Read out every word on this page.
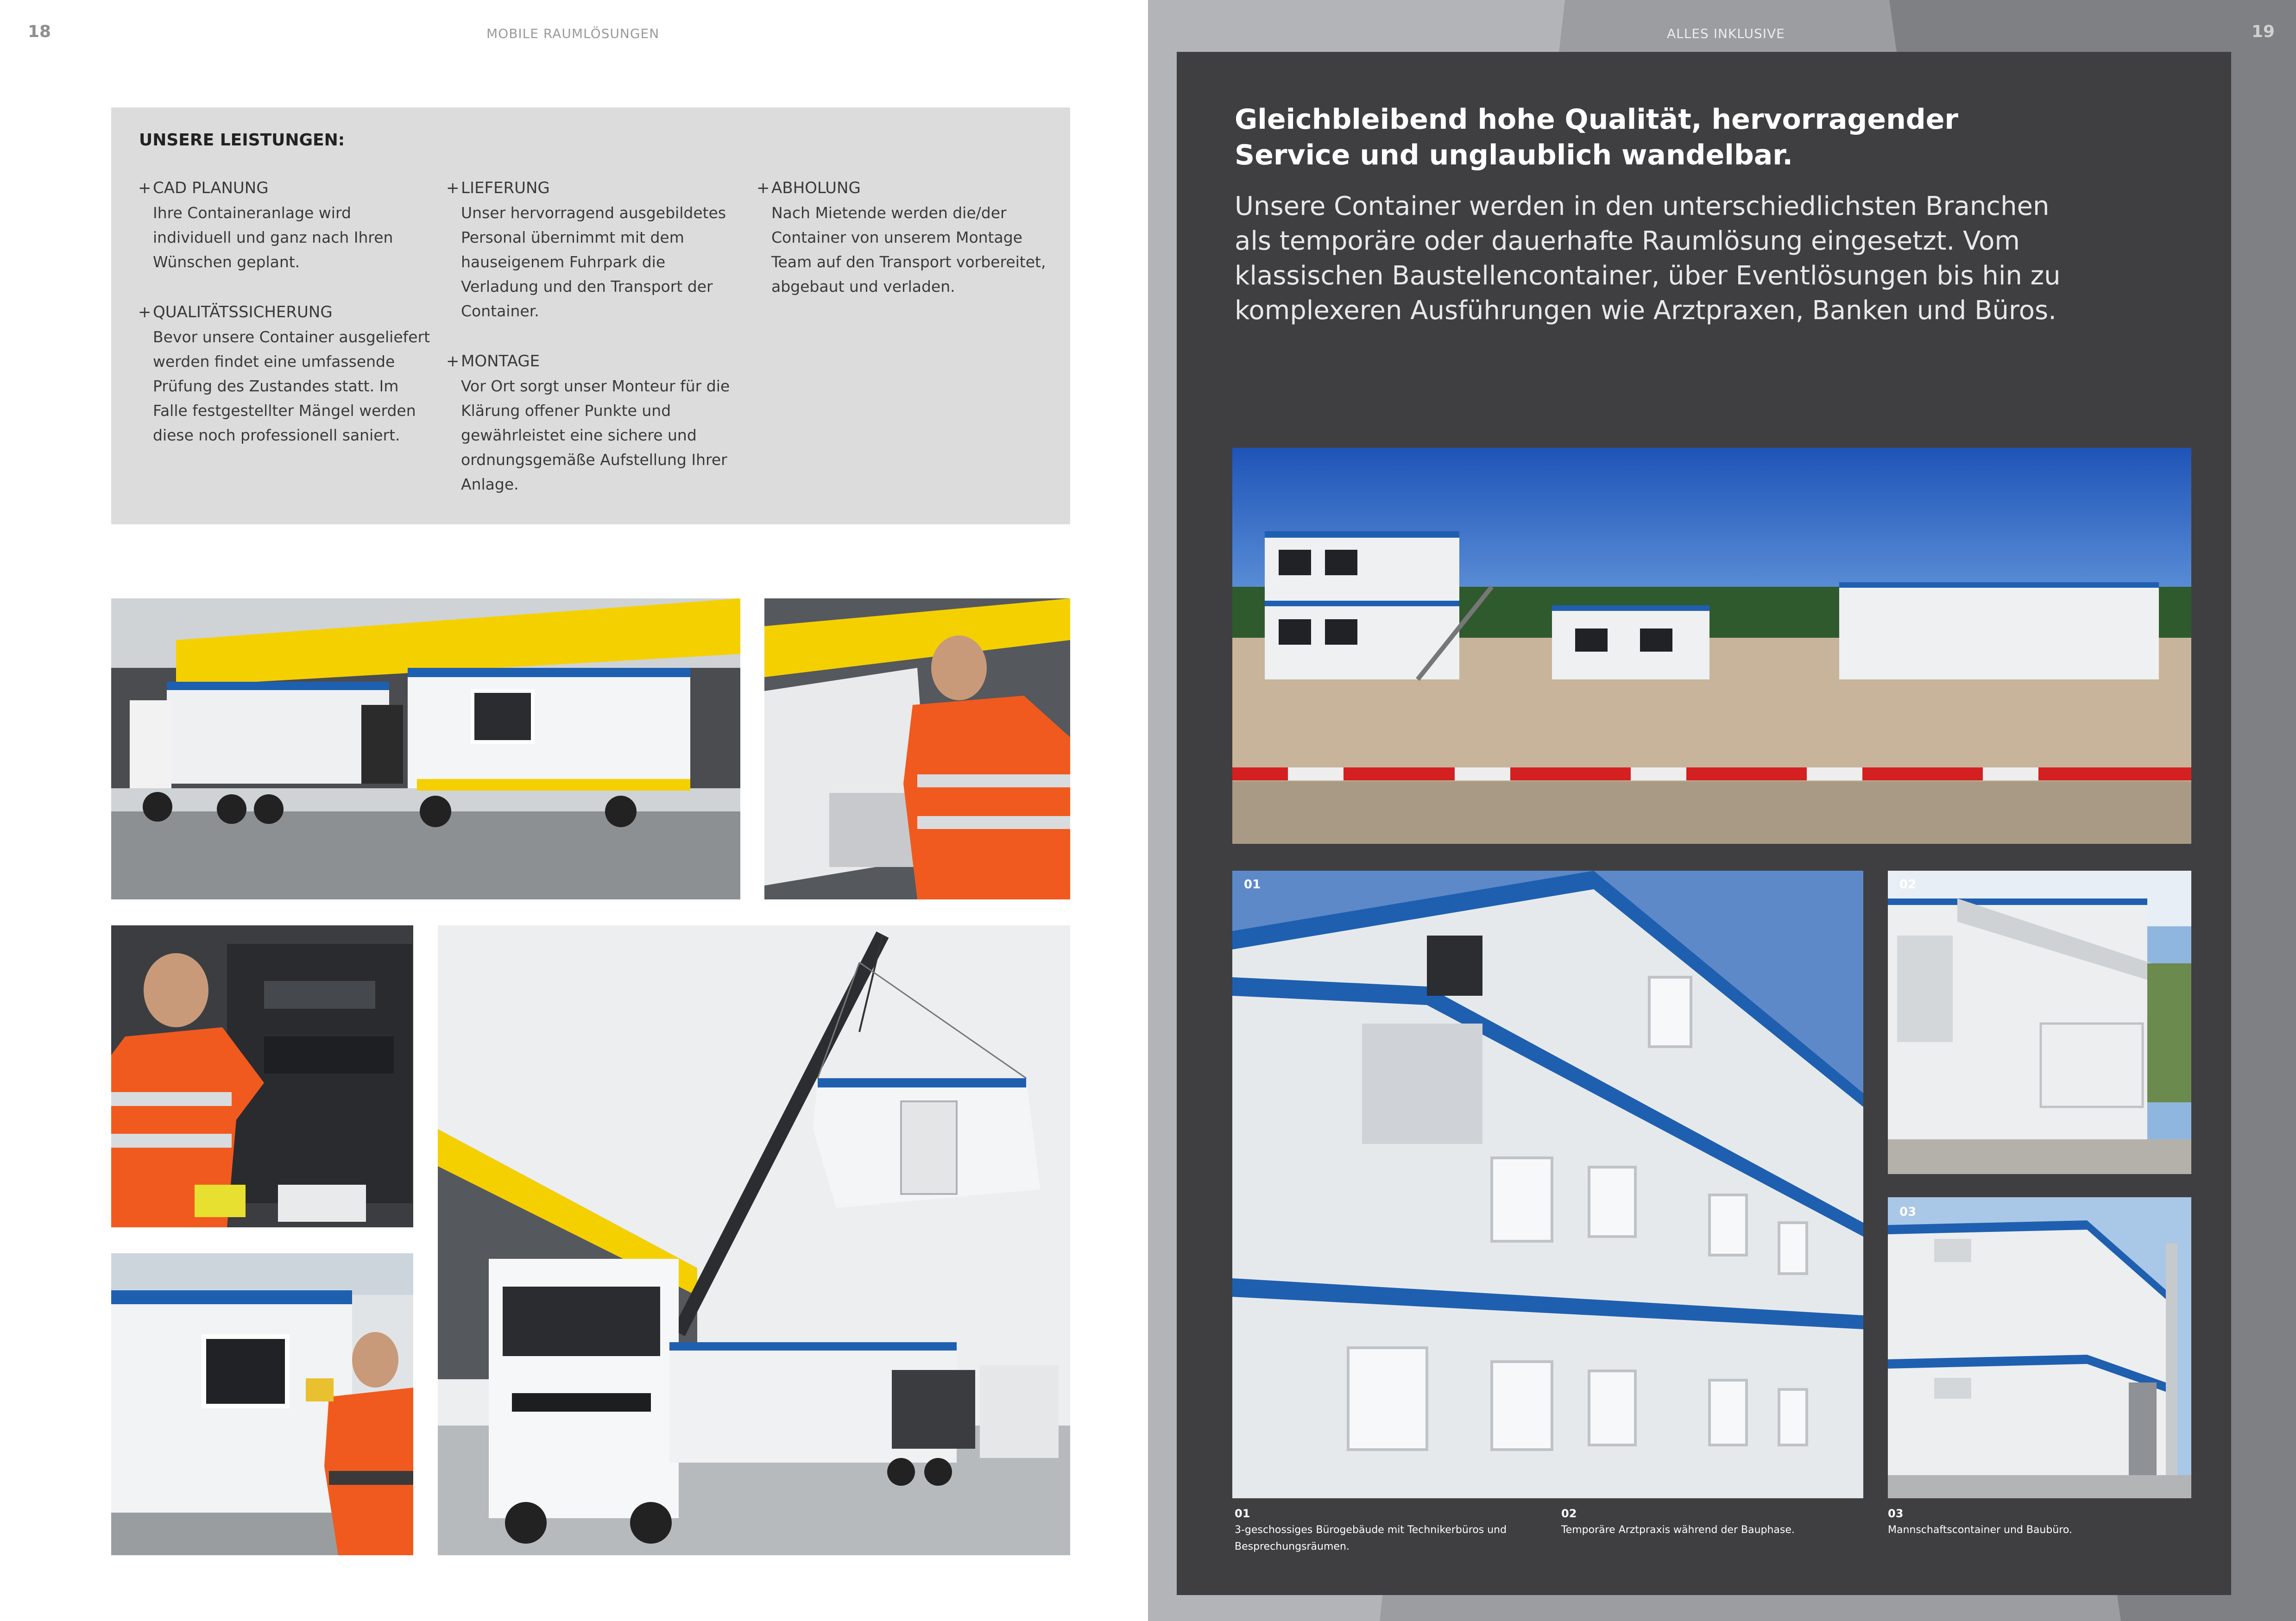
18	MOBILE RAUMLÖSUNGEN
UNSERE LEISTUNGEN:
+ CAD PLANUNG

Ihre Containeranlage wird individuell und ganz nach Ihren Wünschen geplant.

+ QUALITÄTSSICHERUNG

Bevor unsere Container ausgeliefert werden findet eine umfassende Prüfung des Zustandes statt. Im Falle festgestellter Mängel werden diese noch professionell saniert.

+ LIEFERUNG

Unser hervorragend ausgebildetes Personal übernimmt mit dem hauseigenem Fuhrpark die Verladung und den Transport der Container.

+ MONTAGE

Vor Ort sorgt unser Monteur für die Klärung offener Punkte und gewährleistet eine sichere und ordnungsgemäße Aufstellung Ihrer Anlage.

+ ABHOLUNG

Nach Mietende werden die/der Container von unserem Montage Team auf den Transport vorbereitet, abgebaut und verladen.

19
ALLES INKLUSIVE
Gleichbleibend hohe Qualität, hervorragender Service und unglaublich wandelbar.
Unsere Container werden in den unterschiedlichsten Branchen als temporäre oder dauerhafte Raumlösung eingesetzt. Vom klassischen Baustellencontainer, über Eventlösungen bis hin zu komplexeren Ausführungen wie Arztpraxen, Banken und Büros.
01	02
03
01
3-geschossiges Bürogebäude mit Technikerbüros und Besprechungsräumen.
02
Temporäre Arztpraxis während der Bauphase.
03
Mannschaftscontainer und Baubüro.
